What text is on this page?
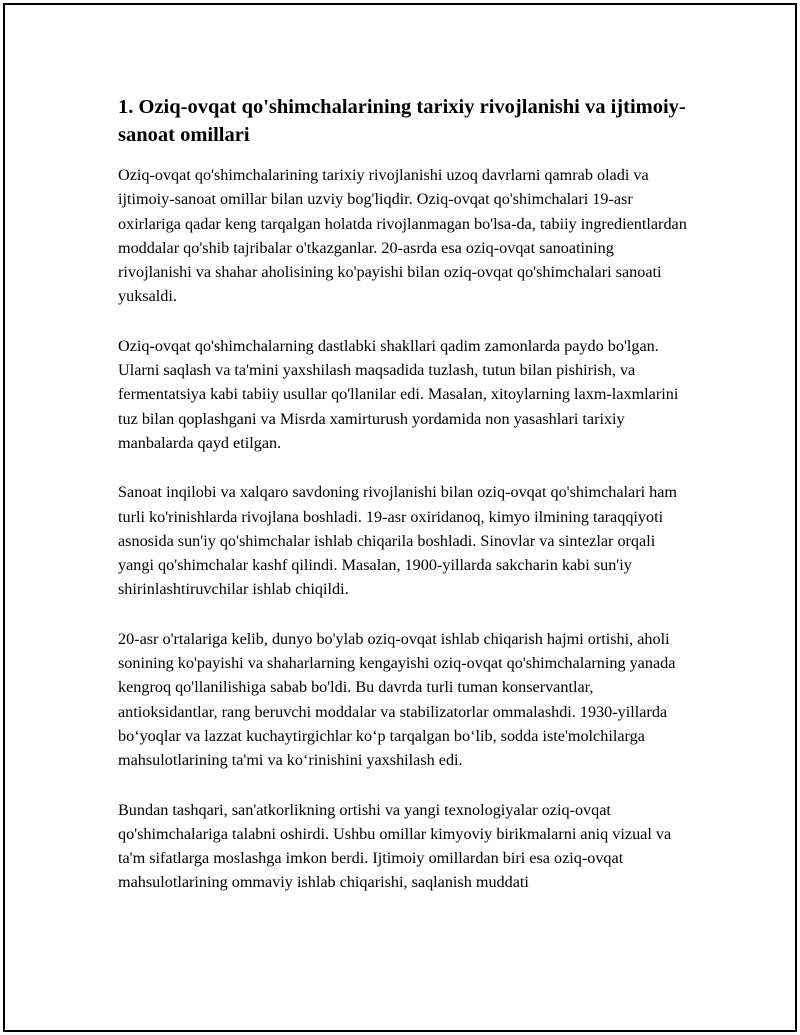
1. Oziq-ovqat qo'shimchalarining tarixiy rivojlanishi va ijtimoiy-sanoat omillari

Oziq-ovqat qo'shimchalarining tarixiy rivojlanishi uzoq davrlarni qamrab oladi va ijtimoiy-sanoat omillar bilan uzviy bog'liqdir. Oziq-ovqat qo'shimchalari 19-asr oxirlariga qadar keng tarqalgan holatda rivojlanmagan bo'lsa-da, tabiiy ingredientlardan moddalar qo'shib tajribalar o'tkazganlar. 20-asrda esa oziq-ovqat sanoatining rivojlanishi va shahar aholisining ko'payishi bilan oziq-ovqat qo'shimchalari sanoati yuksaldi.

Oziq-ovqat qo'shimchalarning dastlabki shakllari qadim zamonlarda paydo bo'lgan. Ularni saqlash va ta'mini yaxshilash maqsadida tuzlash, tutun bilan pishirish, va fermentatsiya kabi tabiiy usullar qo'llanilar edi. Masalan, xitoylarning laxm-laxmlarini tuz bilan qoplashgani va Misrda xamirturush yordamida non yasashlari tarixiy manbalarda qayd etilgan.

Sanoat inqilobi va xalqaro savdoning rivojlanishi bilan oziq-ovqat qo'shimchalari ham turli ko'rinishlarda rivojlana boshladi. 19-asr oxiridanoq, kimyo ilmining taraqqiyoti asnosida sun'iy qo'shimchalar ishlab chiqarila boshladi. Sinovlar va sintezlar orqali yangi qo'shimchalar kashf qilindi. Masalan, 1900-yillarda sakcharin kabi sun'iy shirinlashtiruvchilar ishlab chiqildi.

20-asr o'rtalariga kelib, dunyo bo'ylab oziq-ovqat ishlab chiqarish hajmi ortishi, aholi sonining ko'payishi va shaharlarning kengayishi oziq-ovqat qo'shimchalarning yanada kengroq qo'llanilishiga sabab bo'ldi. Bu davrda turli tuman konservantlar, antioksidantlar, rang beruvchi moddalar va stabilizatorlar ommalashdi. 1930-yillarda bo‘yoqlar va lazzat kuchaytirgichlar ko‘p tarqalgan bo‘lib, sodda iste'molchilarga mahsulotlarining ta'mi va ko‘rinishini yaxshilash edi.

Bundan tashqari, san'atkorlikning ortishi va yangi texnologiyalar oziq-ovqat qo'shimchalariga talabni oshirdi. Ushbu omillar kimyoviy birikmalarni aniq vizual va ta'm sifatlarga moslashga imkon berdi. Ijtimoiy omillardan biri esa oziq-ovqat mahsulotlarining ommaviy ishlab chiqarishi, saqlanish muddati
